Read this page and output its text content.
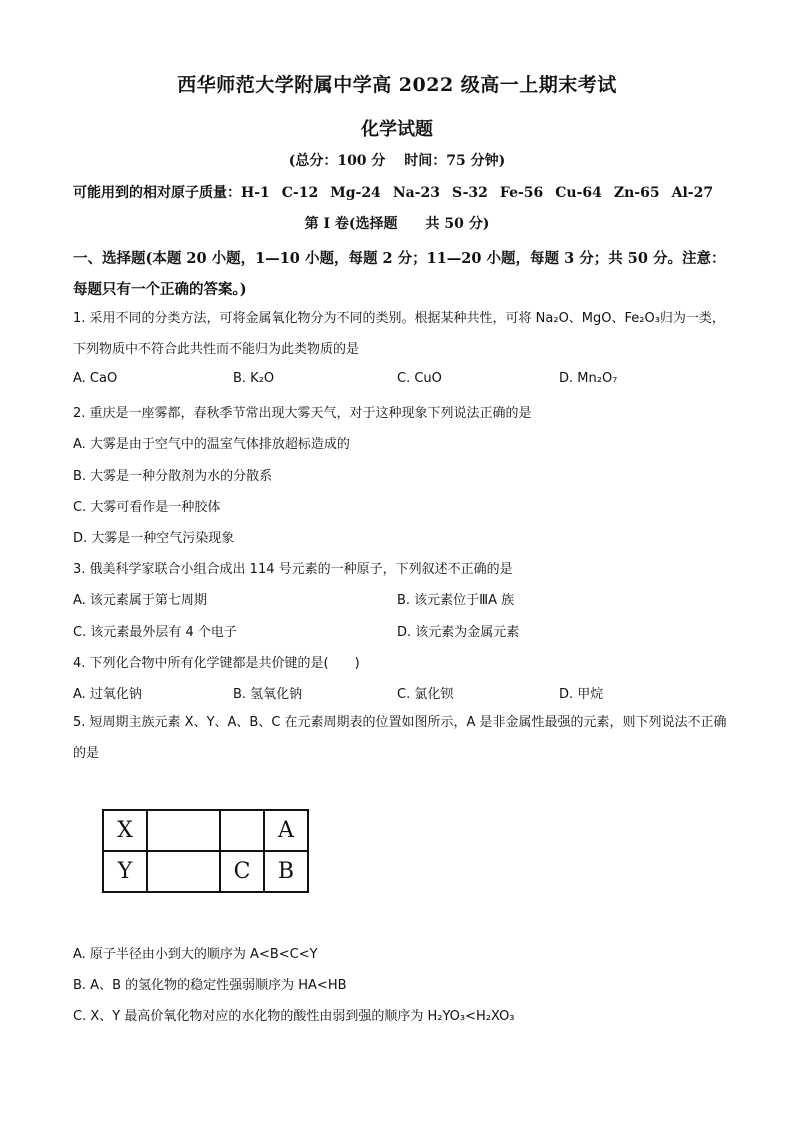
西华师范大学附属中学高 2022 级高一上期末考试
化学试题
(总分：100 分　 时间：75 分钟)
可能用到的相对原子质量：H-1 C-12 Mg-24 Na-23 S-32 Fe-56 Cu-64 Zn-65 Al-27
第 I 卷(选择题　　共 50 分)
一、选择题(本题 20 小题，1—10 小题，每题 2 分；11—20 小题，每题 3 分；共 50 分。注意：每题只有一个正确的答案。)
1. 采用不同的分类方法，可将金属氧化物分为不同的类别。根据某种共性，可将 Na₂O、MgO、Fe₂O₃归为一类，下列物质中不符合此共性而不能归为此类物质的是
A. CaO	B. K₂O	C. CuO	D. Mn₂O₇
2. 重庆是一座雾都，春秋季节常出现大雾天气，对于这种现象下列说法正确的是
A. 大雾是由于空气中的温室气体排放超标造成的
B. 大雾是一种分散剂为水的分散系
C. 大雾可看作是一种胶体
D. 大雾是一种空气污染现象
3. 俄美科学家联合小组合成出 114 号元素的一种原子，下列叙述不正确的是
A. 该元素属于第七周期	B. 该元素位于ⅢA 族
C. 该元素最外层有 4 个电子	D. 该元素为金属元素
4. 下列化合物中所有化学键都是共价键的是(　　)
A. 过氧化钠	B. 氢氧化钠	C. 氯化钡	D. 甲烷
5. 短周期主族元素 X、Y、A、B、C 在元素周期表的位置如图所示，A 是非金属性最强的元素，则下列说法不正确的是
X			A
Y		C	B
A. 原子半径由小到大的顺序为 A<B<C<Y
B. A、B 的氢化物的稳定性强弱顺序为 HA<HB
C. X、Y 最高价氧化物对应的水化物的酸性由弱到强的顺序为 H₂YO₃<H₂XO₃
